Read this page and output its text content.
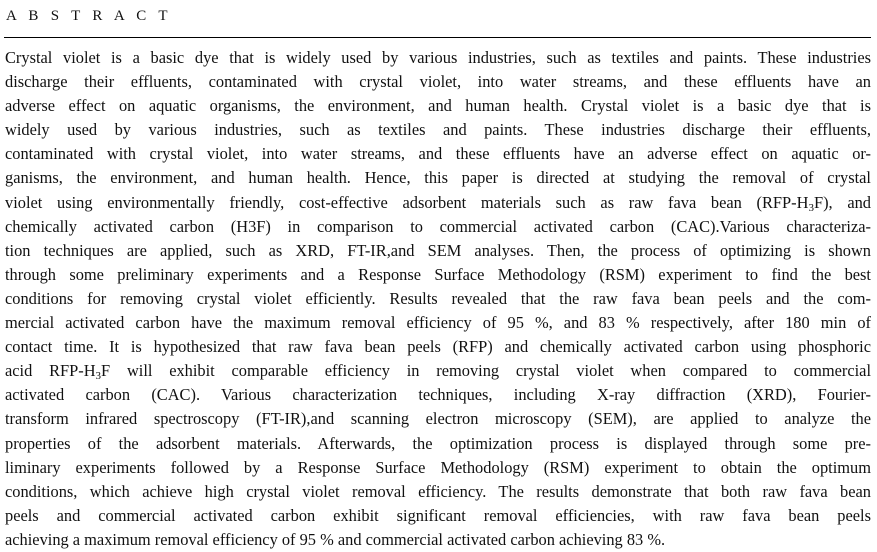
A B S T R A C T
Crystal violet is a basic dye that is widely used by various industries, such as textiles and paints. These industries
discharge their effluents, contaminated with crystal violet, into water streams, and these effluents have an
adverse effect on aquatic organisms, the environment, and human health. Crystal violet is a basic dye that is
widely used by various industries, such as textiles and paints. These industries discharge their effluents,
contaminated with crystal violet, into water streams, and these effluents have an adverse effect on aquatic or-
ganisms, the environment, and human health. Hence, this paper is directed at studying the removal of crystal
violet using environmentally friendly, cost-effective adsorbent materials such as raw fava bean $(RFP-H_3F)$, and
chemically activated carbon (H3F) in comparison to commercial activated carbon (CAC).Various characteriza-
tion techniques are applied, such as XRD, FT-IR,and SEM analyses. Then, the process of optimizing is shown
through some preliminary experiments and a Response Surface Methodology (RSM) experiment to find the best
conditions for removing crystal violet efficiently. Results revealed that the raw fava bean peels and the com-
mercial activated carbon have the maximum removal efficiency of 95 %, and 83 % respectively, after 180 min of
contact time. It is hypothesized that raw fava bean peels (RFP) and chemically activated carbon using phosphoric
acid RFP-$H_3F$ will exhibit comparable efficiency in removing crystal violet when compared to commercial
activated carbon (CAC). Various characterization techniques, including X-ray diffraction (XRD), Fourier-
transform infrared spectroscopy (FT-IR),and scanning electron microscopy (SEM), are applied to analyze the
properties of the adsorbent materials. Afterwards, the optimization process is displayed through some pre-
liminary experiments followed by a Response Surface Methodology (RSM) experiment to obtain the optimum
conditions, which achieve high crystal violet removal efficiency. The results demonstrate that both raw fava bean
peels and commercial activated carbon exhibit significant removal efficiencies, with raw fava bean peels
achieving a maximum removal efficiency of 95 % and commercial activated carbon achieving 83 %.
